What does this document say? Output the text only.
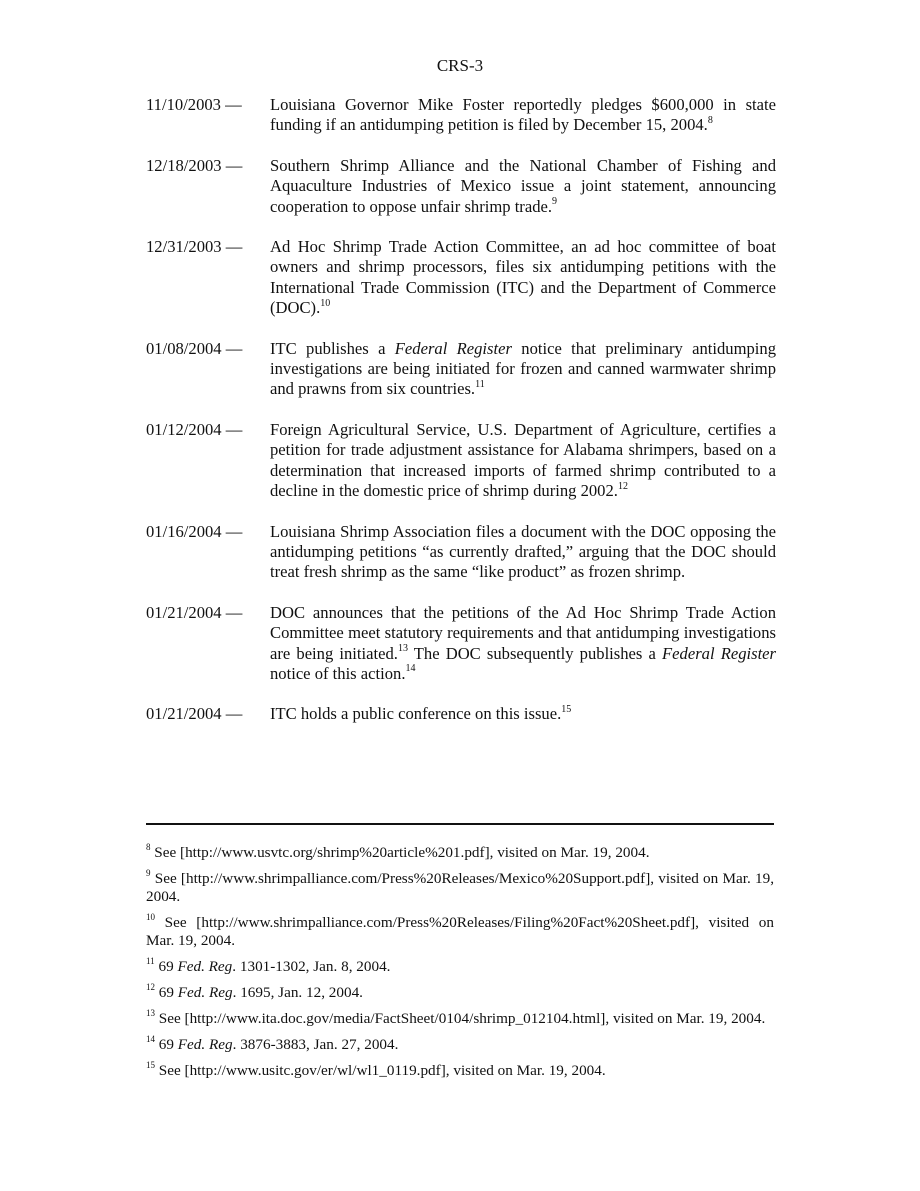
CRS-3
11/10/2003 —	Louisiana Governor Mike Foster reportedly pledges $600,000 in state funding if an antidumping petition is filed by December 15, 2004.$^8$
12/18/2003 —	Southern Shrimp Alliance and the National Chamber of Fishing and Aquaculture Industries of Mexico issue a joint statement, announcing cooperation to oppose unfair shrimp trade.$^9$
12/31/2003 —	Ad Hoc Shrimp Trade Action Committee, an ad hoc committee of boat owners and shrimp processors, files six antidumping petitions with the International Trade Commission (ITC) and the Department of Commerce (DOC).$^{10}$
01/08/2004 —	ITC publishes a Federal Register notice that preliminary antidumping investigations are being initiated for frozen and canned warmwater shrimp and prawns from six countries.$^{11}$
01/12/2004 —	Foreign Agricultural Service, U.S. Department of Agriculture, certifies a petition for trade adjustment assistance for Alabama shrimpers, based on a determination that increased imports of farmed shrimp contributed to a decline in the domestic price of shrimp during 2002.12
01/16/2004 —	Louisiana Shrimp Association files a document with the DOC opposing the antidumping petitions “as currently drafted,” arguing that the DOC should treat fresh shrimp as the same “like product” as frozen shrimp.
01/21/2004 —	DOC announces that the petitions of the Ad Hoc Shrimp Trade Action Committee meet statutory requirements and that antidumping investigations are being initiated.$^{13}$ The DOC subsequently publishes a Federal Register notice of this action.$^{14}$
01/21/2004 —	ITC holds a public conference on this issue.$^{15}$
$^8$ See [http://www.usvtc.org/shrimp%20article%201.pdf], visited on Mar. 19, 2004.
$^9$ See [http://www.shrimpalliance.com/Press%20Releases/Mexico%20Support.pdf], visited on Mar. 19, 2004.
$^{10}$ See [http://www.shrimpalliance.com/Press%20Releases/Filing%20Fact%20Sheet.pdf], visited on Mar. 19, 2004.
$^{11}$ 69 Fed. Reg. 1301-1302, Jan. 8, 2004.
$^{12}$ 69 Fed. Reg. 1695, Jan. 12, 2004.
$^{13}$ See [http://www.ita.doc.gov/media/FactSheet/0104/shrimp_012104.html], visited on Mar. 19, 2004.
$^{14}$ 69 Fed. Reg. 3876-3883, Jan. 27, 2004.
$^{15}$ See [http://www.usitc.gov/er/wl/wl1_0119.pdf], visited on Mar. 19, 2004.
